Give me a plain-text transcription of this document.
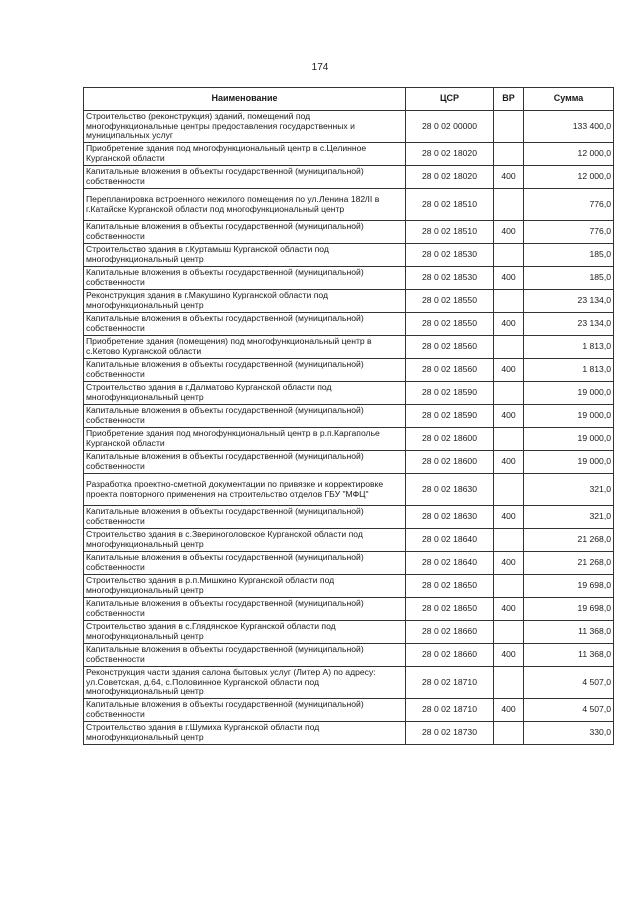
174
Наименование	ЦСР	ВР	Сумма
Строительство (реконструкция) зданий, помещений под многофункциональные центры предоставления государственных и муниципальных услуг	28 0 02 00000		133 400,0
Приобретение здания под многофункциональный центр в с.Целинное Курганской области	28 0 02 18020		12 000,0
Капитальные вложения в объекты государственной (муниципальной) собственности	28 0 02 18020	400	12 000,0
Перепланировка встроенного нежилого помещения по ул.Ленина 182/II в г.Катайске Курганской области под многофункциональный центр	28 0 02 18510		776,0
Капитальные вложения в объекты государственной (муниципальной) собственности	28 0 02 18510	400	776,0
Строительство здания в г.Куртамыш Курганской области под многофункциональный центр	28 0 02 18530		185,0
Капитальные вложения в объекты государственной (муниципальной) собственности	28 0 02 18530	400	185,0
Реконструкция здания в г.Макушино Курганской области под многофункциональный центр	28 0 02 18550		23 134,0
Капитальные вложения в объекты государственной (муниципальной) собственности	28 0 02 18550	400	23 134,0
Приобретение здания (помещения) под многофункциональный центр в с.Кетово Курганской области	28 0 02 18560		1 813,0
Капитальные вложения в объекты государственной (муниципальной) собственности	28 0 02 18560	400	1 813,0
Строительство здания в г.Далматово Курганской области под многофункциональный центр	28 0 02 18590		19 000,0
Капитальные вложения в объекты государственной (муниципальной) собственности	28 0 02 18590	400	19 000,0
Приобретение здания под многофункциональный центр в р.п.Каргаполье Курганской области	28 0 02 18600		19 000,0
Капитальные вложения в объекты государственной (муниципальной) собственности	28 0 02 18600	400	19 000,0
Разработка проектно-сметной документации по привязке и корректировке проекта повторного применения на строительство отделов ГБУ "МФЦ"	28 0 02 18630		321,0
Капитальные вложения в объекты государственной (муниципальной) собственности	28 0 02 18630	400	321,0
Строительство здания в с.Звериноголовское Курганской области под многофункциональный центр	28 0 02 18640		21 268,0
Капитальные вложения в объекты государственной (муниципальной) собственности	28 0 02 18640	400	21 268,0
Строительство здания в р.п.Мишкино Курганской области под многофункциональный центр	28 0 02 18650		19 698,0
Капитальные вложения в объекты государственной (муниципальной) собственности	28 0 02 18650	400	19 698,0
Строительство здания в с.Глядянское Курганской области под многофункциональный центр	28 0 02 18660		11 368,0
Капитальные вложения в объекты государственной (муниципальной) собственности	28 0 02 18660	400	11 368,0
Реконструкция части здания салона бытовых услуг (Литер А) по адресу: ул.Советская, д.64, с.Половинное Курганской области под многофункциональный центр	28 0 02 18710		4 507,0
Капитальные вложения в объекты государственной (муниципальной) собственности	28 0 02 18710	400	4 507,0
Строительство здания в г.Шумиха Курганской области под многофункциональный центр	28 0 02 18730		330,0
